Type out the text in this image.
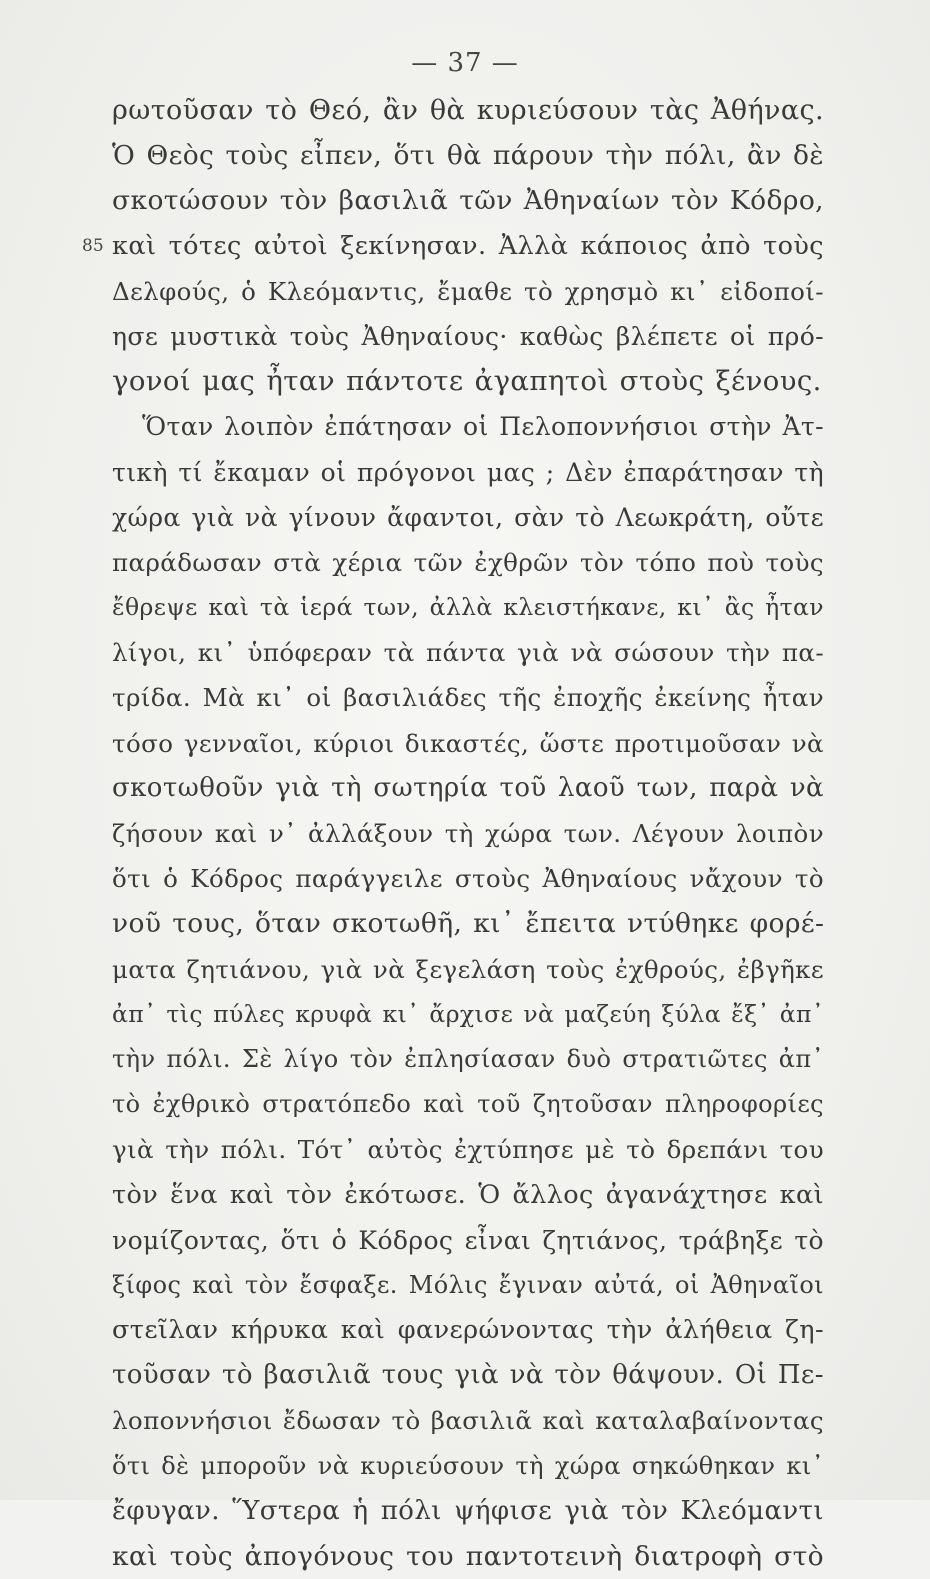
— 37 —
ρωτοῦσαν τὸ Θεό, ἂν θὰ κυριεύσουν τὰς Ἀθήνας.
Ὁ Θεὸς τοὺς εἶπεν, ὅτι θὰ πάρουν τὴν πόλι, ἂν δὲ
σκοτώσουν τὸν βασιλιᾶ τῶν Ἀθηναίων τὸν Κόδρο,
85 καὶ τότες αὐτοὶ ξεκίνησαν. Ἀλλὰ κάποιος ἀπὸ τοὺς
Δελφούς, ὁ Κλεόμαντις, ἔμαθε τὸ χρησμὸ κι᾽ εἰδοποί-
ησε μυστικὰ τοὺς Ἀθηναίους· καθὼς βλέπετε οἱ πρό-
γονοί μας ἦταν πάντοτε ἀγαπητοὶ στοὺς ξένους.
Ὅταν λοιπὸν ἐπάτησαν οἱ Πελοποννήσιοι στὴν Ἀτ-
τικὴ τί ἔκαμαν οἱ πρόγονοι μας ; Δὲν ἐπαράτησαν τὴ
χώρα γιὰ νὰ γίνουν ἄφαντοι, σὰν τὸ Λεωκράτη, οὔτε
παράδωσαν στὰ χέρια τῶν ἐχθρῶν τὸν τόπο ποὺ τοὺς
ἔθρεψε καὶ τὰ ἱερά των, ἀλλὰ κλειστήκανε, κι᾽ ἂς ἦταν
λίγοι, κι᾽ ὑπόφεραν τὰ πάντα γιὰ νὰ σώσουν τὴν πα-
τρίδα. Μὰ κι᾽ οἱ βασιλιάδες τῆς ἐποχῆς ἐκείνης ἦταν
τόσο γενναῖοι, κύριοι δικαστές, ὥστε προτιμοῦσαν νὰ
σκοτωθοῦν γιὰ τὴ σωτηρία τοῦ λαοῦ των, παρὰ νὰ
ζήσουν καὶ ν᾽ ἀλλάξουν τὴ χώρα των. Λέγουν λοιπὸν
ὅτι ὁ Κόδρος παράγγειλε στοὺς Ἀθηναίους νἄχουν τὸ
νοῦ τους, ὅταν σκοτωθῆ, κι᾽ ἔπειτα ντύθηκε φορέ-
ματα ζητιάνου, γιὰ νὰ ξεγελάση τοὺς ἐχθρούς, ἐβγῆκε
ἀπ᾽ τὶς πύλες κρυφὰ κι᾽ ἄρχισε νὰ μαζεύη ξύλα ἔξ᾽ ἀπ᾽
τὴν πόλι. Σὲ λίγο τὸν ἐπλησίασαν δυὸ στρατιῶτες ἀπ᾽
τὸ ἐχθρικὸ στρατόπεδο καὶ τοῦ ζητοῦσαν πληροφορίες
γιὰ τὴν πόλι. Τότ᾽ αὐτὸς ἐχτύπησε μὲ τὸ δρεπάνι του
τὸν ἕνα καὶ τὸν ἐκότωσε. Ὁ ἄλλος ἀγανάχτησε καὶ
νομίζοντας, ὅτι ὁ Κόδρος εἶναι ζητιάνος, τράβηξε τὸ
ξίφος καὶ τὸν ἔσφαξε. Μόλις ἔγιναν αὐτά, οἱ Ἀθηναῖοι
στεῖλαν κήρυκα καὶ φανερώνοντας τὴν ἀλήθεια ζη-
τοῦσαν τὸ βασιλιᾶ τους γιὰ νὰ τὸν θάψουν. Οἱ Πε-
λοποννήσιοι ἔδωσαν τὸ βασιλιᾶ καὶ καταλαβαίνοντας
ὅτι δὲ μποροῦν νὰ κυριεύσουν τὴ χώρα σηκώθηκαν κι᾽
ἔφυγαν. Ὕστερα ἡ πόλι ψήφισε γιὰ τὸν Κλεόμαντι
καὶ τοὺς ἀπογόνους του παντοτεινὴ διατροφὴ στὸ
